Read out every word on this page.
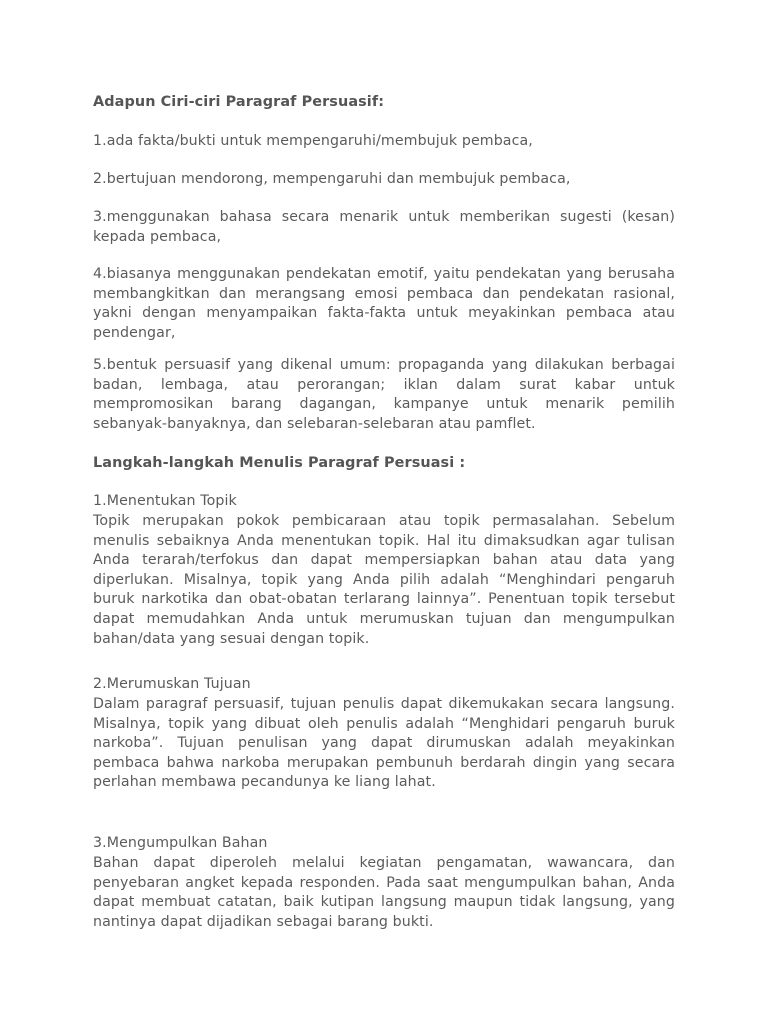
Adapun Ciri-ciri Paragraf Persuasif:

1.ada fakta/bukti untuk mempengaruhi/membujuk pembaca,

2.bertujuan mendorong, mempengaruhi dan membujuk pembaca,

3.menggunakan bahasa secara menarik untuk memberikan sugesti (kesan) kepada pembaca,

4.biasanya menggunakan pendekatan emotif, yaitu pendekatan yang berusaha membangkitkan dan merangsang emosi pembaca dan pendekatan rasional, yakni dengan menyampaikan fakta-fakta untuk meyakinkan pembaca atau pendengar,

5.bentuk persuasif yang dikenal umum: propaganda yang dilakukan berbagai badan, lembaga, atau perorangan; iklan dalam surat kabar untuk mempromosikan barang dagangan, kampanye untuk menarik pemilih sebanyak-banyaknya, dan selebaran-selebaran atau pamflet.

Langkah-langkah Menulis Paragraf Persuasi :

1.Menentukan Topik

Topik merupakan pokok pembicaraan atau topik permasalahan. Sebelum menulis sebaiknya Anda menentukan topik. Hal itu dimaksudkan agar tulisan Anda terarah/terfokus dan dapat mempersiapkan bahan atau data yang diperlukan. Misalnya, topik yang Anda pilih adalah “Menghindari pengaruh buruk narkotika dan obat-obatan terlarang lainnya”. Penentuan topik tersebut dapat memudahkan Anda untuk merumuskan tujuan dan mengumpulkan bahan/data yang sesuai dengan topik.

2.Merumuskan Tujuan

Dalam paragraf persuasif, tujuan penulis dapat dikemukakan secara langsung. Misalnya, topik yang dibuat oleh penulis adalah “Menghidari pengaruh buruk narkoba”. Tujuan penulisan yang dapat dirumuskan adalah meyakinkan pembaca bahwa narkoba merupakan pembunuh berdarah dingin yang secara perlahan membawa pecandunya ke liang lahat.

3.Mengumpulkan Bahan

Bahan dapat diperoleh melalui kegiatan pengamatan, wawancara, dan penyebaran angket kepada responden. Pada saat mengumpulkan bahan, Anda dapat membuat catatan, baik kutipan langsung maupun tidak langsung, yang nantinya dapat dijadikan sebagai barang bukti.
